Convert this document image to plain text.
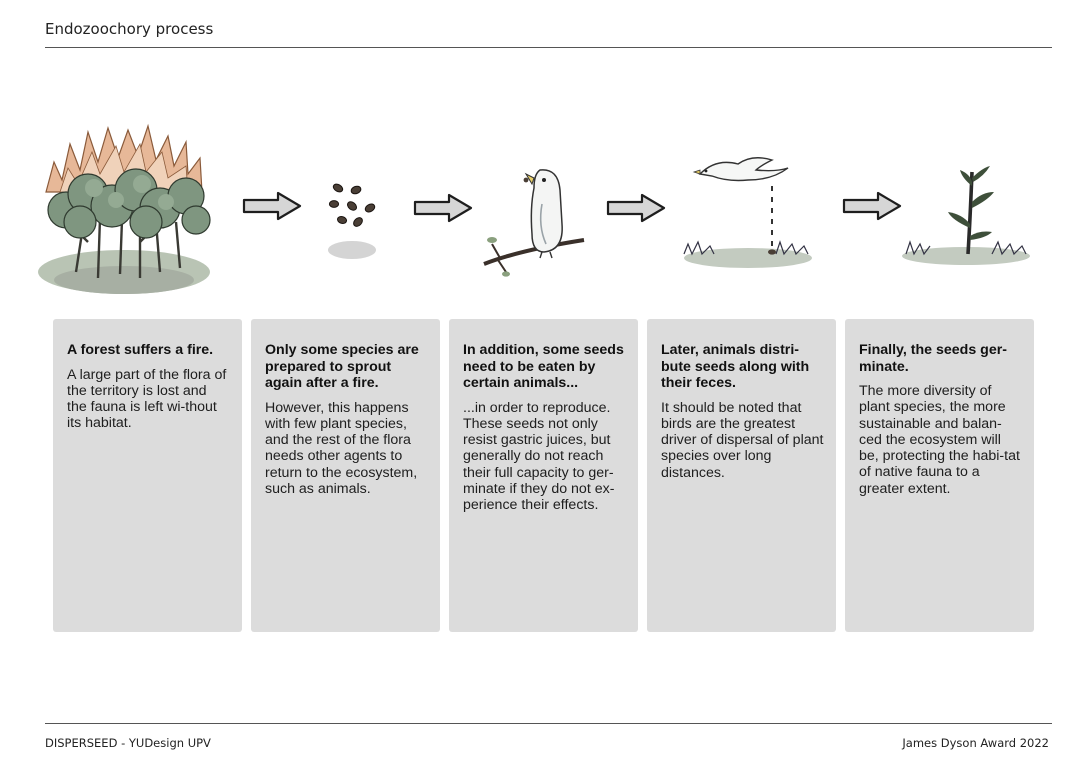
Endozoochory process

A forest suffers a fire.

A large part of the flora of the territory is lost and the fauna is left wi-thout its habitat.

Only some species are prepared to sprout again after a fire.

However, this happens with few plant species, and the rest of the flora needs other agents to return to the ecosystem, such as animals.

In addition, some seeds need to be eaten by certain animals...

...in order to reproduce. These seeds not only resist gastric juices, but generally do not reach their full capacity to ger-minate if they do not ex-perience their effects.

Later, animals distri-bute seeds along with their feces.

It should be noted that birds are the greatest driver of dispersal of plant species over long distances.

Finally, the seeds ger-minate.

The more diversity of plant species, the more sustainable and balan-ced the ecosystem will be, protecting the habi-tat of native fauna to a greater extent.

DISPERSEED - YUDesign UPV	James Dyson Award 2022
